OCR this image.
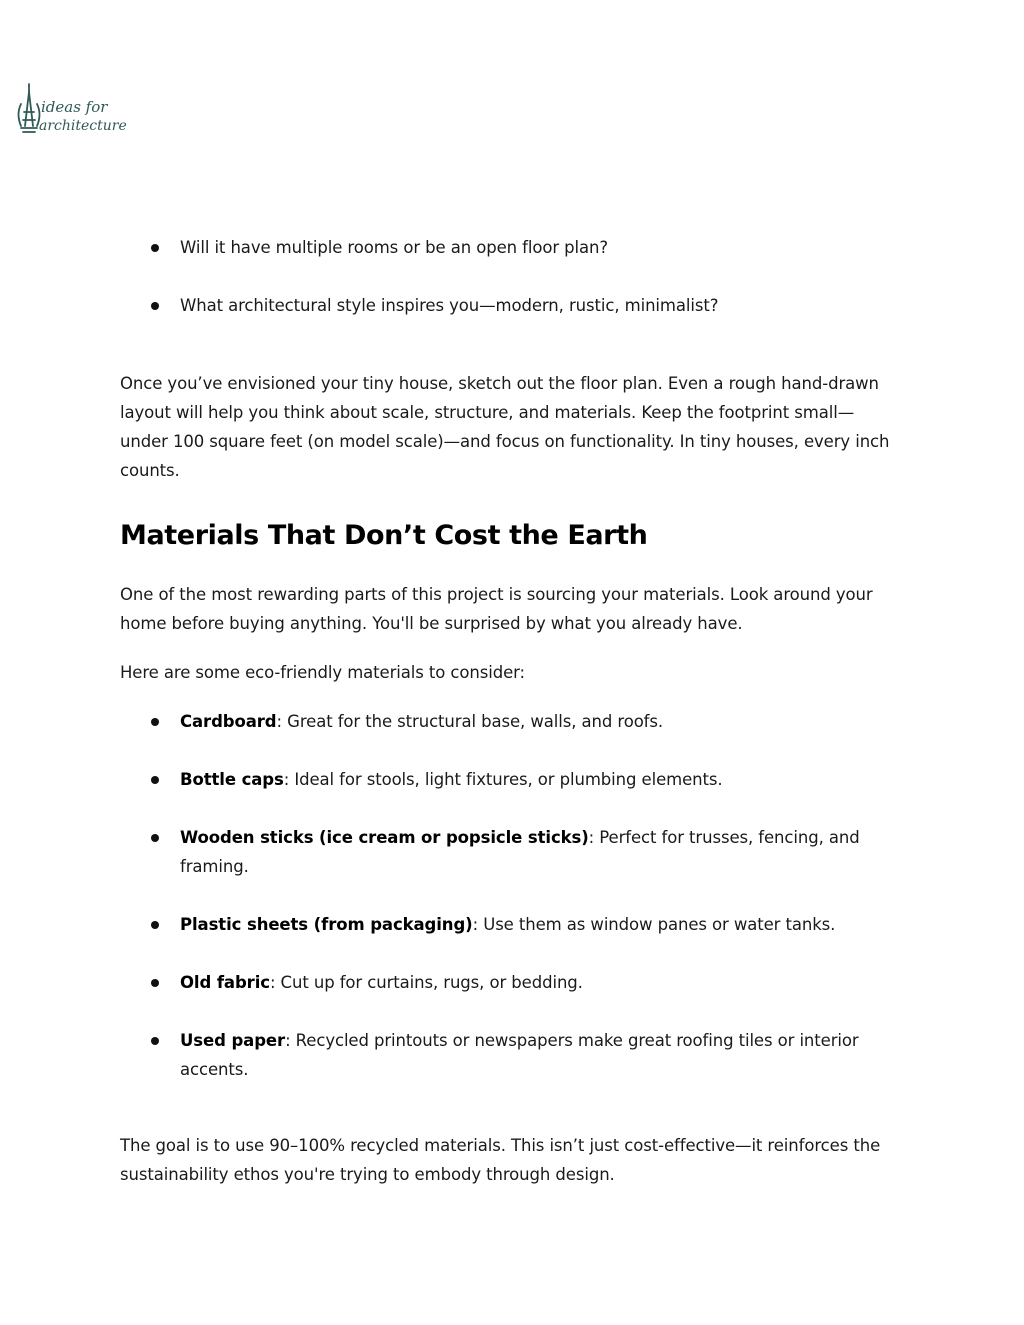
ideas for
architecture
Will it have multiple rooms or be an open floor plan?
What architectural style inspires you—modern, rustic, minimalist?

Once you’ve envisioned your tiny house, sketch out the floor plan. Even a rough hand-drawn layout will help you think about scale, structure, and materials. Keep the footprint small—under 100 square feet (on model scale)—and focus on functionality. In tiny houses, every inch counts.

Materials That Don’t Cost the Earth

One of the most rewarding parts of this project is sourcing your materials. Look around your home before buying anything. You'll be surprised by what you already have.

Here are some eco-friendly materials to consider:

Cardboard: Great for the structural base, walls, and roofs.
Bottle caps: Ideal for stools, light fixtures, or plumbing elements.
Wooden sticks (ice cream or popsicle sticks): Perfect for trusses, fencing, and framing.
Plastic sheets (from packaging): Use them as window panes or water tanks.
Old fabric: Cut up for curtains, rugs, or bedding.
Used paper: Recycled printouts or newspapers make great roofing tiles or interior accents.

The goal is to use 90–100% recycled materials. This isn’t just cost-effective—it reinforces the sustainability ethos you're trying to embody through design.
